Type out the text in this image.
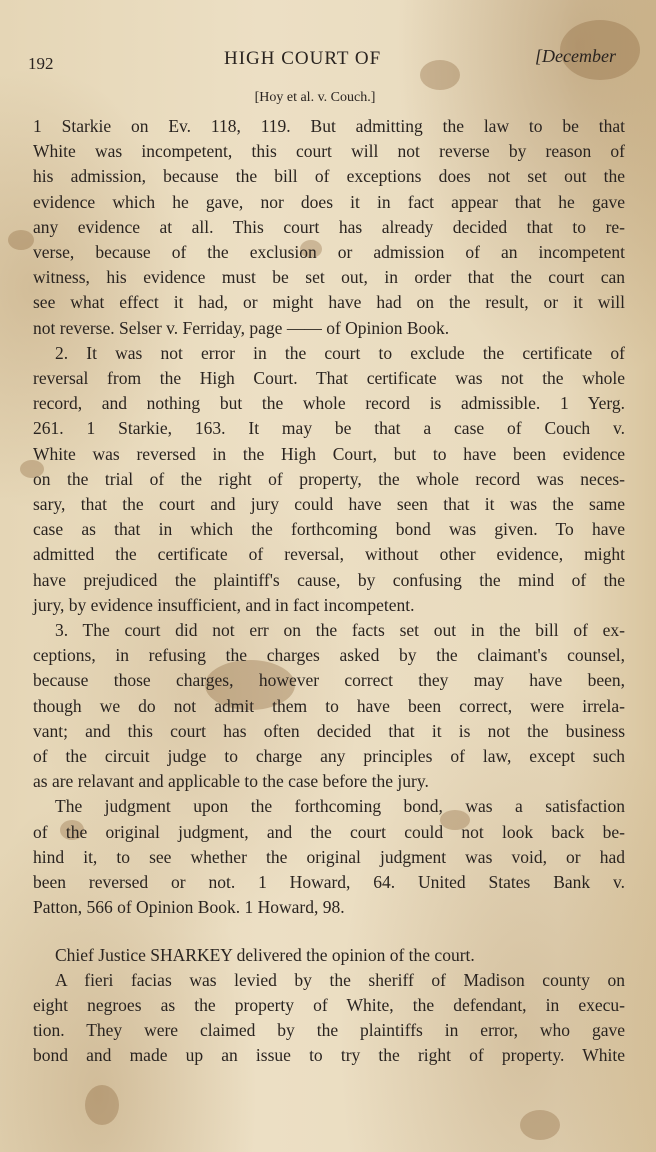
192	HIGH COURT OF	[December
[Hoy et al. v. Couch.]
1 Starkie on Ev. 118, 119. But admitting the law to be that
White was incompetent, this court will not reverse by reason of
his admission, because the bill of exceptions does not set out the
evidence which he gave, nor does it in fact appear that he gave
any evidence at all. This court has already decided that to re-
verse, because of the exclusion or admission of an incompetent
witness, his evidence must be set out, in order that the court can
see what effect it had, or might have had on the result, or it will
not reverse. Selser v. Ferriday, page —— of Opinion Book.
2. It was not error in the court to exclude the certificate of
reversal from the High Court. That certificate was not the whole
record, and nothing but the whole record is admissible. 1 Yerg.
261. 1 Starkie, 163. It may be that a case of Couch v.
White was reversed in the High Court, but to have been evidence
on the trial of the right of property, the whole record was neces-
sary, that the court and jury could have seen that it was the same
case as that in which the forthcoming bond was given. To have
admitted the certificate of reversal, without other evidence, might
have prejudiced the plaintiff's cause, by confusing the mind of the
jury, by evidence insufficient, and in fact incompetent.
3. The court did not err on the facts set out in the bill of ex-
ceptions, in refusing the charges asked by the claimant's counsel,
because those charges, however correct they may have been,
though we do not admit them to have been correct, were irrela-
vant; and this court has often decided that it is not the business
of the circuit judge to charge any principles of law, except such
as are relavant and applicable to the case before the jury.
The judgment upon the forthcoming bond, was a satisfaction
of the original judgment, and the court could not look back be-
hind it, to see whether the original judgment was void, or had
been reversed or not. 1 Howard, 64. United States Bank v.
Patton, 566 of Opinion Book. 1 Howard, 98.
Chief Justice SHARKEY delivered the opinion of the court.
A fieri facias was levied by the sheriff of Madison county on
eight negroes as the property of White, the defendant, in execu-
tion. They were claimed by the plaintiffs in error, who gave
bond and made up an issue to try the right of property. White
